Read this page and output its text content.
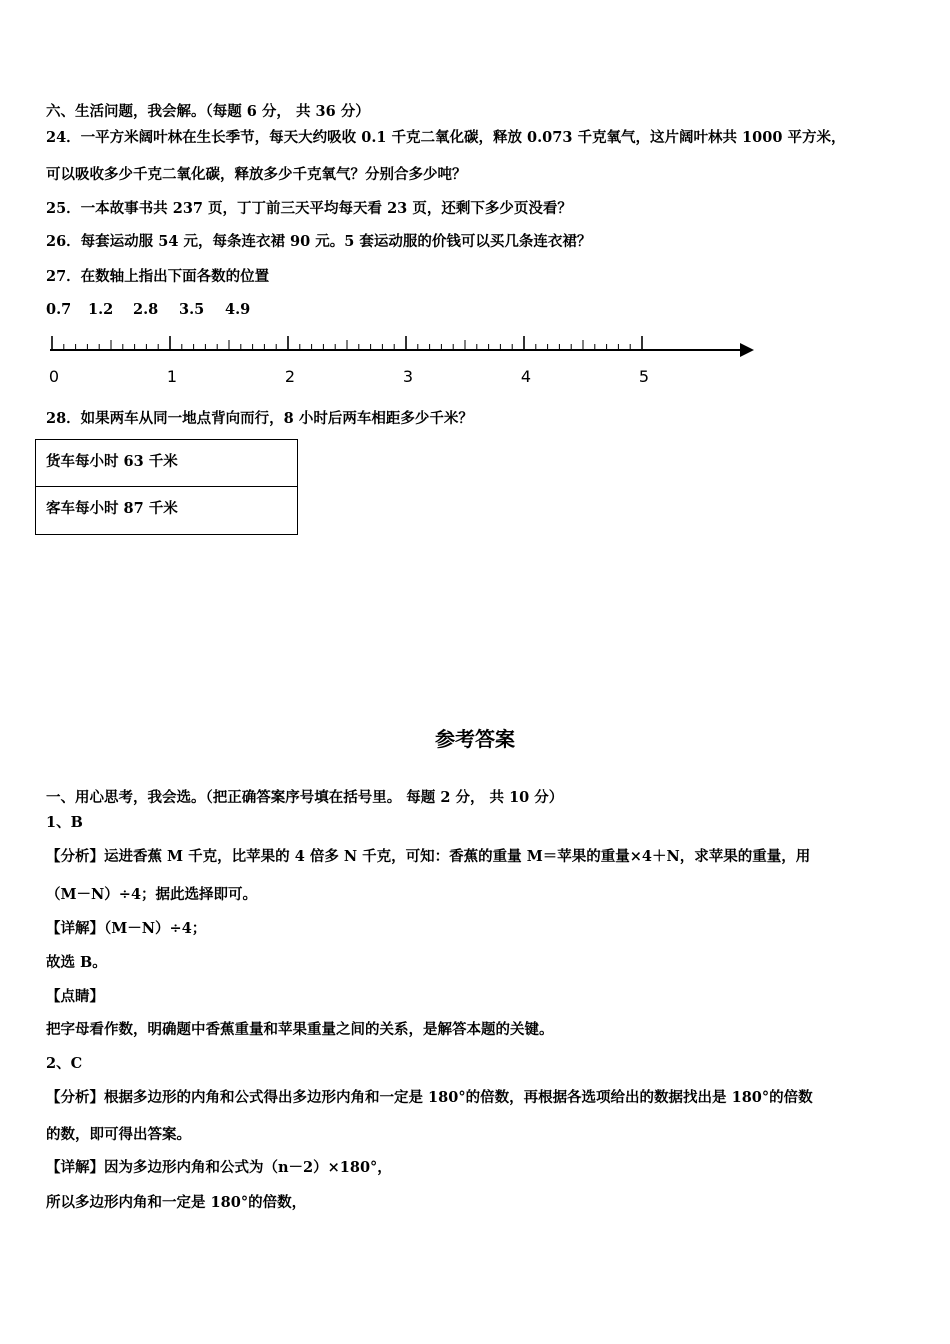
六、生活问题，我会解。（每题 6 分， 共 36 分）
24．一平方米阔叶林在生长季节，每天大约吸收 0.1 千克二氧化碳，释放 0.073 千克氧气，这片阔叶林共 1000 平方米，
可以吸收多少千克二氧化碳，释放多少千克氧气？分别合多少吨？
25．一本故事书共 237 页，丁丁前三天平均每天看 23 页，还剩下多少页没看？
26．每套运动服 54 元，每条连衣裙 90 元。5 套运动服的价钱可以买几条连衣裙？
27．在数轴上指出下面各数的位置
0.7 1.2 2.8 3.5 4.9
0	1	2	3	4	5
28．如果两车从同一地点背向而行，8 小时后两车相距多少千米？
货车每小时 63 千米
客车每小时 87 千米
参考答案
一、用心思考，我会选。（把正确答案序号填在括号里。 每题 2 分， 共 10 分）
1、B
【分析】运进香蕉 M 千克，比苹果的 4 倍多 N 千克，可知：香蕉的重量 M＝苹果的重量×4＋N，求苹果的重量，用
（M－N）÷4；据此选择即可。
【详解】（M－N）÷4；
故选 B。
【点睛】
把字母看作数，明确题中香蕉重量和苹果重量之间的关系，是解答本题的关键。
2、C
【分析】根据多边形的内角和公式得出多边形内角和一定是 180°的倍数，再根据各选项给出的数据找出是 180°的倍数
的数，即可得出答案。
【详解】因为多边形内角和公式为（n－2）×180°，
所以多边形内角和一定是 180°的倍数，
